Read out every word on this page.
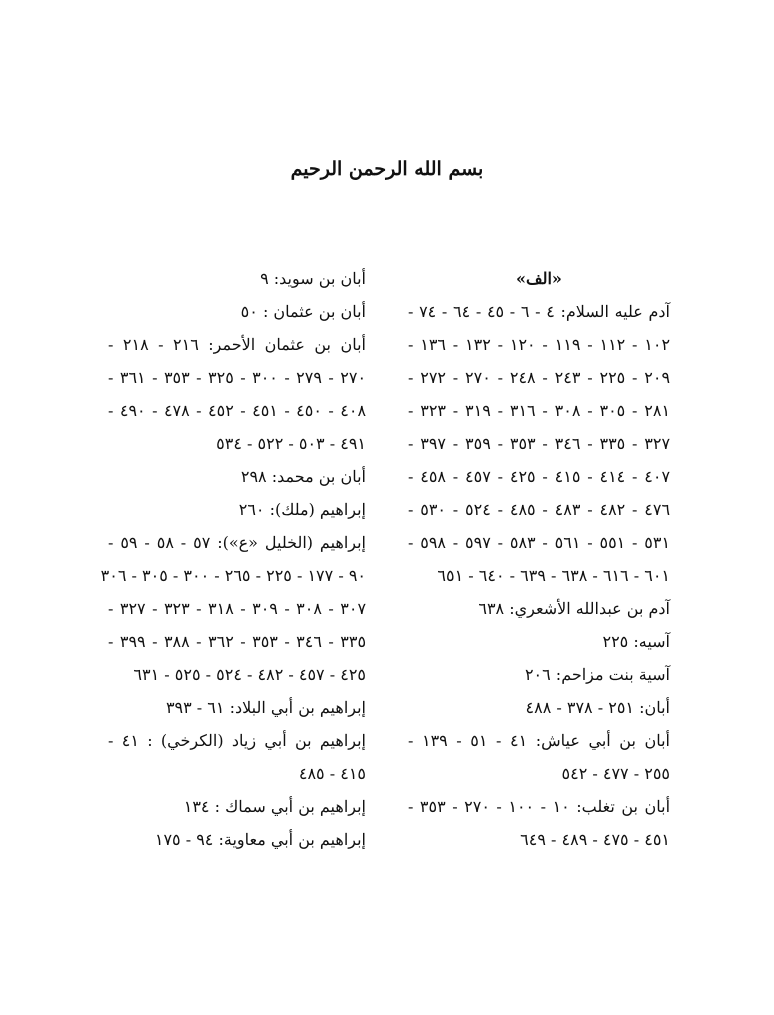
بسم الله الرحمن الرحيم
«الف»
آدم عليه السلام: ٤ - ٦ - ٤٥ - ٦٤ - ٧٤ -
١٠٢ - ١١٢ - ١١٩ - ١٢٠ - ١٣٢ - ١٣٦ -
٢٠٩ - ٢٢٥ - ٢٤٣ - ٢٤٨ - ٢٧٠ - ٢٧٢ -
٢٨١ - ٣٠٥ - ٣٠٨ - ٣١٦ - ٣١٩ - ٣٢٣ -
٣٢٧ - ٣٣٥ - ٣٤٦ - ٣٥٣ - ٣٥٩ - ٣٩٧ -
٤٠٧ - ٤١٤ - ٤١٥ - ٤٢٥ - ٤٥٧ - ٤٥٨ -
٤٧٦ - ٤٨٢ - ٤٨٣ - ٤٨٥ - ٥٢٤ - ٥٣٠ -
٥٣١ - ٥٥١ - ٥٦١ - ٥٨٣ - ٥٩٧ - ٥٩٨ -
٦٠١ - ٦١٦ - ٦٣٨ - ٦٣٩ - ٦٤٠ - ٦٥١
آدم بن عبدالله الأشعري: ٦٣٨
آسيه: ٢٢٥
آسية بنت مزاحم: ٢٠٦
أبان: ٢٥١ - ٣٧٨ - ٤٨٨
أبان بن أبي عياش: ٤١ - ٥١ - ١٣٩ -
٢٥٥ - ٤٧٧ - ٥٤٢
أبان بن تغلب: ١٠ - ١٠٠ - ٢٧٠ - ٣٥٣ -
٤٥١ - ٤٧٥ - ٤٨٩ - ٦٤٩
أبان بن سويد: ٩
أبان بن عثمان : ٥٠
أبان بن عثمان الأحمر: ٢١٦ - ٢١٨ -
٢٧٠ - ٢٧٩ - ٣٠٠ - ٣٢٥ - ٣٥٣ - ٣٦١ -
٤٠٨ - ٤٥٠ - ٤٥١ - ٤٥٢ - ٤٧٨ - ٤٩٠ -
٤٩١ - ٥٠٣ - ٥٢٢ - ٥٣٤
أبان بن محمد: ٢٩٨
إبراهيم (ملك): ٢٦٠
إبراهيم (الخليل «ع»): ٥٧ - ٥٨ - ٥٩ -
٩٠ - ١٧٧ - ٢٢٥ - ٢٦٥ - ٣٠٠ - ٣٠٥ - ٣٠٦
٣٠٧ - ٣٠٨ - ٣٠٩ - ٣١٨ - ٣٢٣ - ٣٢٧ -
٣٣٥ - ٣٤٦ - ٣٥٣ - ٣٦٢ - ٣٨٨ - ٣٩٩ -
٤٢٥ - ٤٥٧ - ٤٨٢ - ٥٢٤ - ٥٢٥ - ٦٣١
إبراهيم بن أبي البلاد: ٦١ - ٣٩٣
إبراهيم بن أبي زياد (الكرخي) : ٤١ -
٤١٥ - ٤٨٥
إبراهيم بن أبي سماك : ١٣٤
إبراهيم بن أبي معاوية: ٩٤ - ١٧٥
